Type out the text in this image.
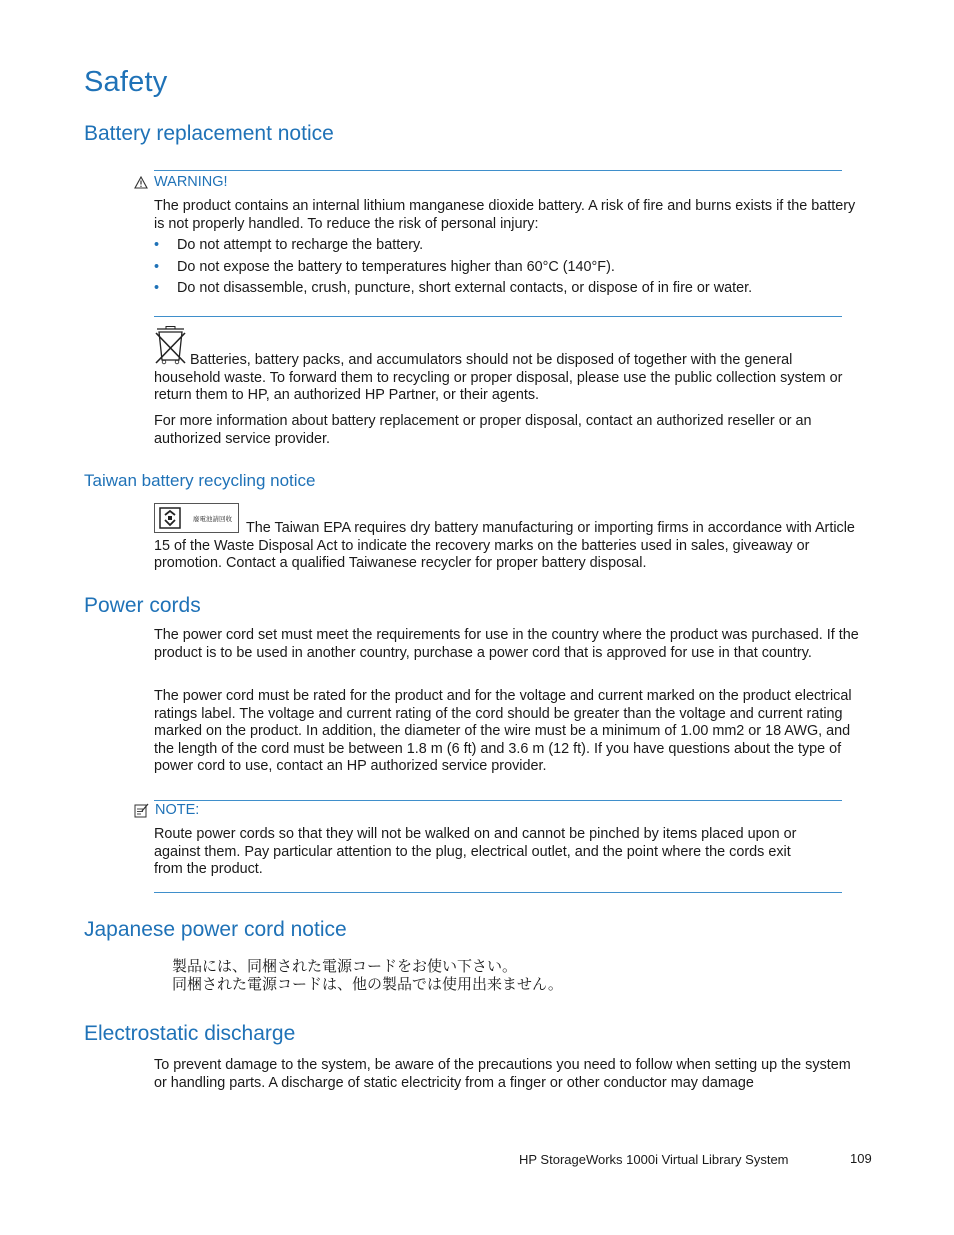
Safety
Battery replacement notice
WARNING!

The product contains an internal lithium manganese dioxide battery. A risk of fire and burns exists if the battery is not properly handled. To reduce the risk of personal injury:

• Do not attempt to recharge the battery.
• Do not expose the battery to temperatures higher than 60°C (140°F).
• Do not disassemble, crush, puncture, short external contacts, or dispose of in fire or water.

Batteries, battery packs, and accumulators should not be disposed of together with the general household waste. To forward them to recycling or proper disposal, please use the public collection system or return them to HP, an authorized HP Partner, or their agents.

For more information about battery replacement or proper disposal, contact an authorized reseller or an authorized service provider.

Taiwan battery recycling notice
廢電池請回收

The Taiwan EPA requires dry battery manufacturing or importing firms in accordance with Article 15 of the Waste Disposal Act to indicate the recovery marks on the batteries used in sales, giveaway or promotion. Contact a qualified Taiwanese recycler for proper battery disposal.

Power cords

The power cord set must meet the requirements for use in the country where the product was purchased. If the product is to be used in another country, purchase a power cord that is approved for use in that country.

The power cord must be rated for the product and for the voltage and current marked on the product electrical ratings label. The voltage and current rating of the cord should be greater than the voltage and current rating marked on the product. In addition, the diameter of the wire must be a minimum of 1.00 mm2 or 18 AWG, and the length of the cord must be between 1.8 m (6 ft) and 3.6 m (12 ft). If you have questions about the type of power cord to use, contact an HP authorized service provider.

NOTE:

Route power cords so that they will not be walked on and cannot be pinched by items placed upon or against them. Pay particular attention to the plug, electrical outlet, and the point where the cords exit from the product.

Japanese power cord notice

製品には、同梱された電源コードをお使い下さい。

同梱された電源コードは、他の製品では使用出来ません。

Electrostatic discharge

To prevent damage to the system, be aware of the precautions you need to follow when setting up the system or handling parts. A discharge of static electricity from a finger or other conductor may damage

HP StorageWorks 1000i Virtual Library System	109
